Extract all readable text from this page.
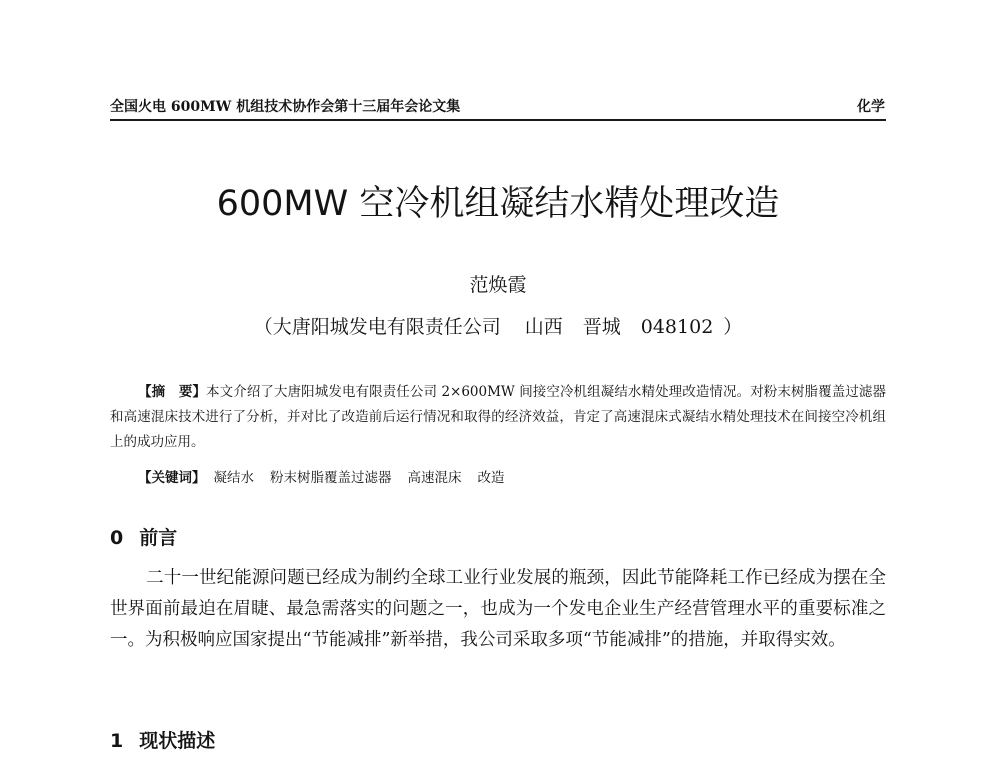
全国火电 600MW 机组技术协作会第十三届年会论文集	化学
600MW 空冷机组凝结水精处理改造
范焕霞
（大唐阳城发电有限责任公司 山西 晋城 048102 ）
【摘　要】本文介绍了大唐阳城发电有限责任公司 2×600MW 间接空冷机组凝结水精处理改造情况。对粉末树脂覆盖过滤器和高速混床技术进行了分析，并对比了改造前后运行情况和取得的经济效益，肯定了高速混床式凝结水精处理技术在间接空冷机组上的成功应用。
【关键词】 凝结水 粉末树脂覆盖过滤器 高速混床 改造
0 前言
二十一世纪能源问题已经成为制约全球工业行业发展的瓶颈，因此节能降耗工作已经成为摆在全世界面前最迫在眉睫、最急需落实的问题之一，也成为一个发电企业生产经营管理水平的重要标准之一。为积极响应国家提出“节能减排”新举措，我公司采取多项“节能减排”的措施，并取得实效。
1 现状描述
